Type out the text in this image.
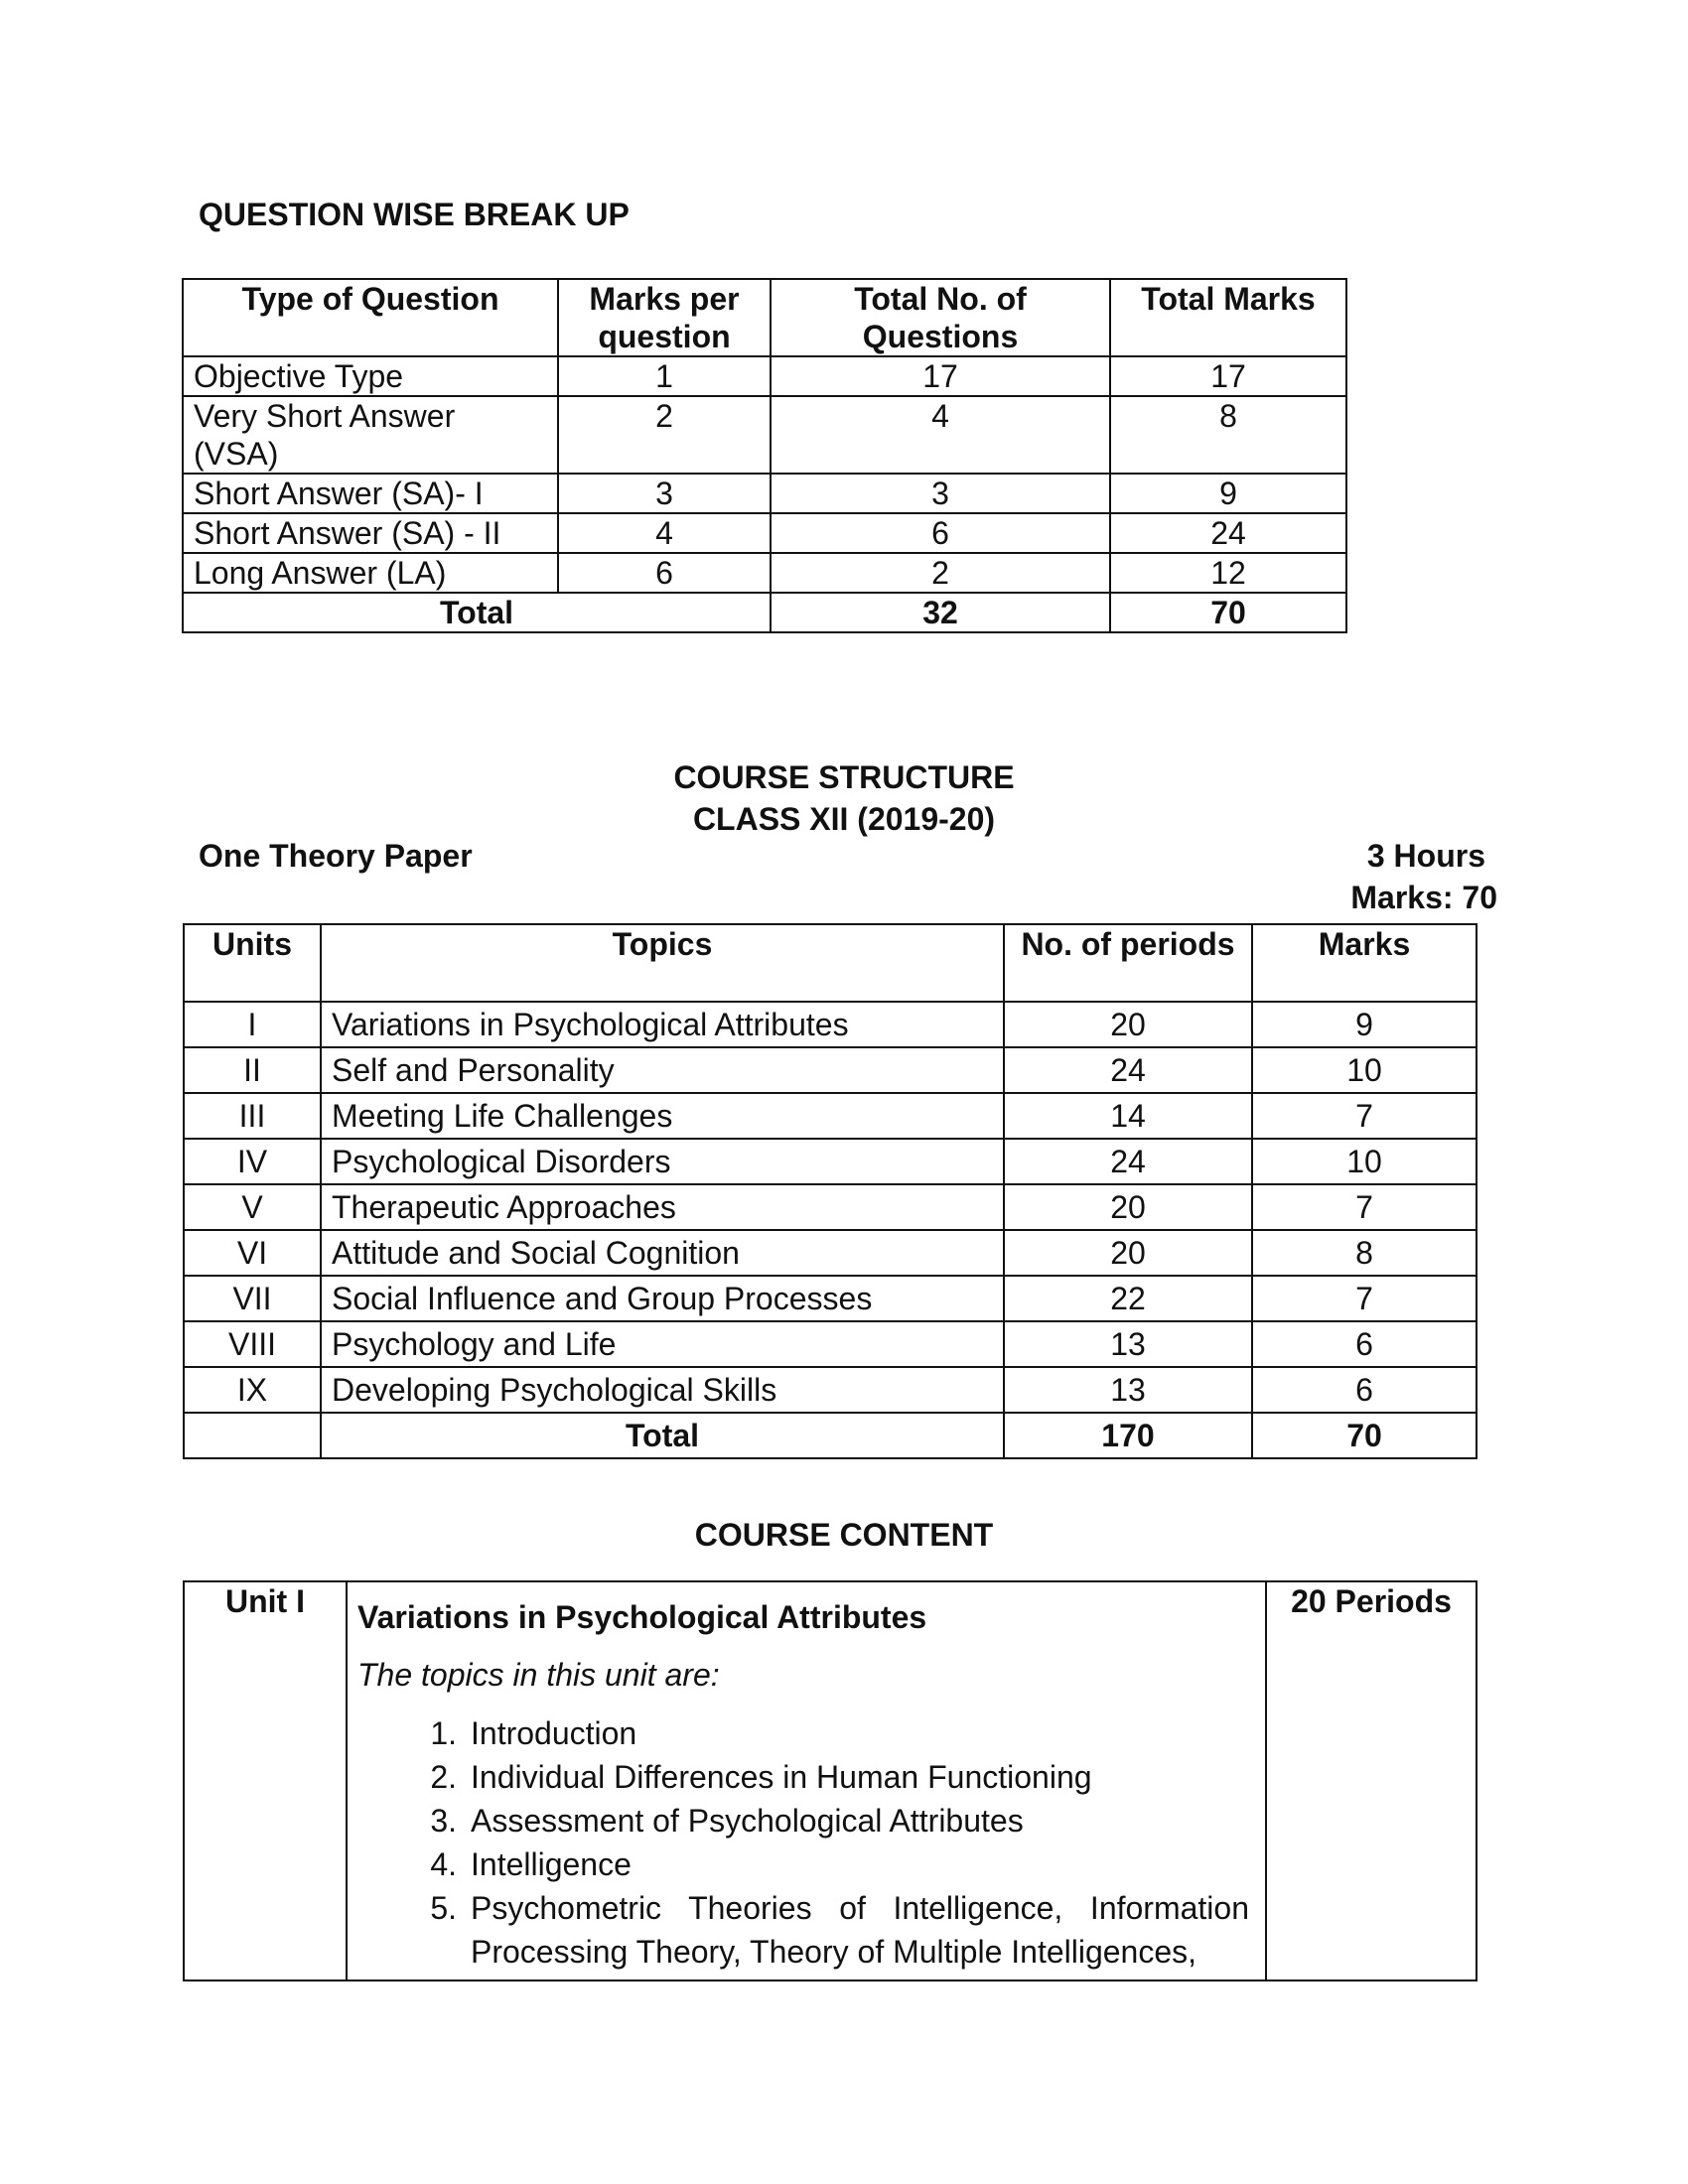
QUESTION WISE BREAK UP
Type of Question	Marks per question	Total No. of Questions	Total Marks
Objective Type	1	17	17
Very Short Answer (VSA)	2	4	8
Short Answer (SA)- I	3	3	9
Short Answer (SA) - II	4	6	24
Long Answer (LA)	6	2	12
Total		32	70
COURSE STRUCTURE
CLASS XII (2019-20)
One Theory Paper	3 Hours
Marks: 70
Units	Topics	No. of periods	Marks
I	Variations in Psychological Attributes	20	9
II	Self and Personality	24	10
III	Meeting Life Challenges	14	7
IV	Psychological Disorders	24	10
V	Therapeutic Approaches	20	7
VI	Attitude and Social Cognition	20	8
VII	Social Influence and Group Processes	22	7
VIII	Psychology and Life	13	6
IX	Developing Psychological Skills	13	6
	Total	170	70
COURSE CONTENT
Unit I	Variations in Psychological Attributes
The topics in this unit are:
1. Introduction
2. Individual Differences in Human Functioning
3. Assessment of Psychological Attributes
4. Intelligence
5. Psychometric Theories of Intelligence, Information Processing Theory, Theory of Multiple Intelligences,
	20 Periods
